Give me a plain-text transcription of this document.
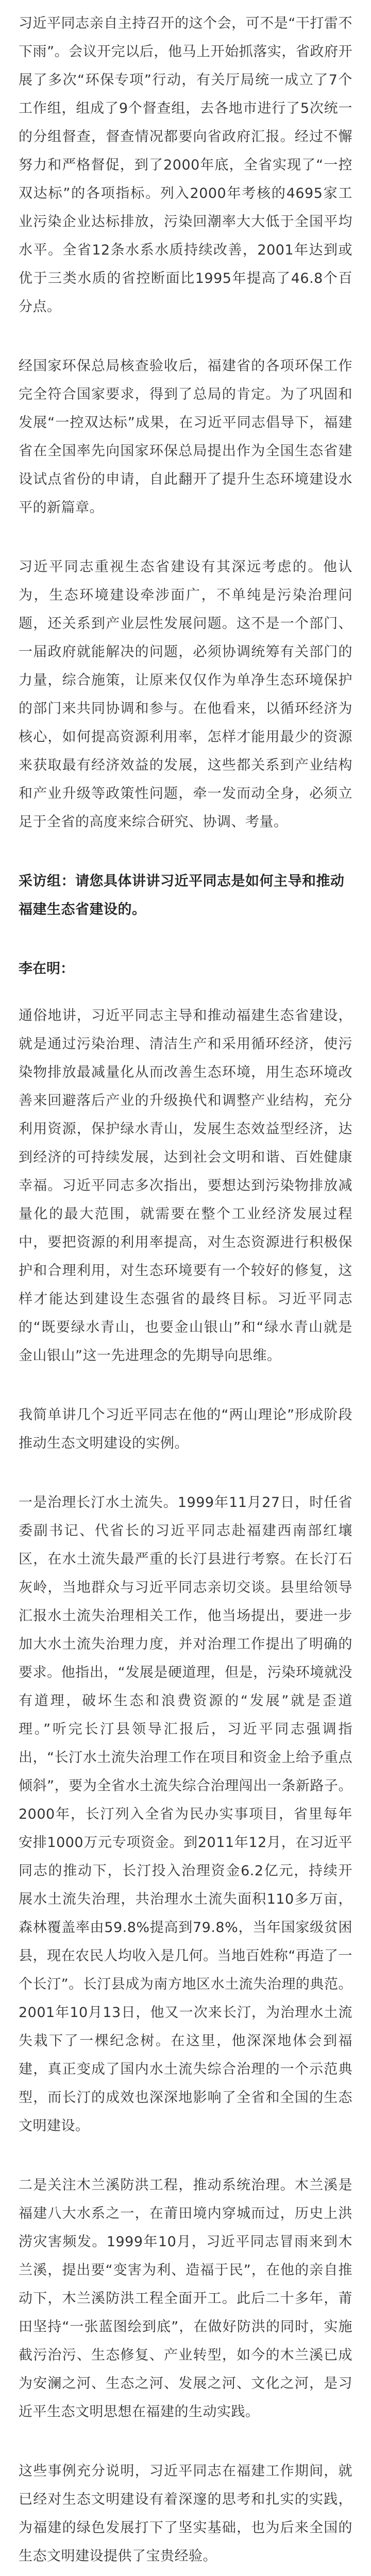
习近平同志亲自主持召开的这个会，可不是“干打雷不下雨”。会议开完以后，他马上开始抓落实，省政府开展了多次“环保专项”行动，有关厅局统一成立了7个工作组，组成了9个督查组，去各地市进行了5次统一的分组督查，督查情况都要向省政府汇报。经过不懈努力和严格督促，到了2000年底，全省实现了“一控双达标”的各项指标。列入2000年考核的4695家工业污染企业达标排放，污染回潮率大大低于全国平均水平。全省12条水系水质持续改善，2001年达到或优于三类水质的省控断面比1995年提高了46.8个百分点。

经国家环保总局核查验收后，福建省的各项环保工作完全符合国家要求，得到了总局的肯定。为了巩固和发展“一控双达标”成果，在习近平同志倡导下，福建省在全国率先向国家环保总局提出作为全国生态省建设试点省份的申请，自此翻开了提升生态环境建设水平的新篇章。

习近平同志重视生态省建设有其深远考虑的。他认为，生态环境建设牵涉面广，不单纯是污染治理问题，还关系到产业层性发展问题。这不是一个部门、一届政府就能解决的问题，必须协调统筹有关部门的力量，综合施策，让原来仅仅作为单净生态环境保护的部门来共同协调和参与。在他看来，以循环经济为核心，如何提高资源利用率，怎样才能用最少的资源来获取最有经济效益的发展，这些都关系到产业结构和产业升级等政策性问题，牵一发而动全身，必须立足于全省的高度来综合研究、协调、考量。

采访组：请您具体讲讲习近平同志是如何主导和推动福建生态省建设的。

李在明：

通俗地讲，习近平同志主导和推动福建生态省建设，就是通过污染治理、清洁生产和采用循环经济，使污染物排放最减量化从而改善生态环境，用生态环境改善来回避落后产业的升级换代和调整产业结构，充分利用资源，保护绿水青山，发展生态效益型经济，达到经济的可持续发展，达到社会文明和谐、百姓健康幸福。习近平同志多次指出，要想达到污染物排放减量化的最大范围，就需要在整个工业经济发展过程中，要把资源的利用率提高，对生态资源进行积极保护和合理利用，对生态环境要有一个较好的修复，这样才能达到建设生态强省的最终目标。习近平同志的“既要绿水青山，也要金山银山”和“绿水青山就是金山银山”这一先进理念的先期导向思维。

我简单讲几个习近平同志在他的“两山理论”形成阶段推动生态文明建设的实例。

一是治理长汀水土流失。1999年11月27日，时任省委副书记、代省长的习近平同志赴福建西南部红壤区，在水土流失最严重的长汀县进行考察。在长汀石灰岭，当地群众与习近平同志亲切交谈。县里给领导汇报水土流失治理相关工作，他当场提出，要进一步加大水土流失治理力度，并对治理工作提出了明确的要求。他指出，“发展是硬道理，但是，污染环境就没有道理，破坏生态和浪费资源的“发展”就是歪道理。”听完长汀县领导汇报后，习近平同志强调指出，“长汀水土流失治理工作在项目和资金上给予重点倾斜”，要为全省水土流失综合治理闯出一条新路子。2000年，长汀列入全省为民办实事项目，省里每年安排1000万元专项资金。到2011年12月，在习近平同志的推动下，长汀投入治理资金6.2亿元，持续开展水土流失治理，共治理水土流失面积110多万亩，森林覆盖率由59.8%提高到79.8%，当年国家级贫困县，现在农民人均收入是几何。当地百姓称“再造了一个长汀”。长汀县成为南方地区水土流失治理的典范。2001年10月13日，他又一次来长汀，为治理水土流失栽下了一棵纪念树。在这里，他深深地体会到福建，真正变成了国内水土流失综合治理的一个示范典型，而长汀的成效也深深地影响了全省和全国的生态文明建设。

二是关注木兰溪防洪工程，推动系统治理。木兰溪是福建八大水系之一，在莆田境内穿城而过，历史上洪涝灾害频发。1999年10月，习近平同志冒雨来到木兰溪，提出要“变害为利、造福于民”，在他的亲自推动下，木兰溪防洪工程全面开工。此后二十多年，莆田坚持“一张蓝图绘到底”，在做好防洪的同时，实施截污治污、生态修复、产业转型，如今的木兰溪已成为安澜之河、生态之河、发展之河、文化之河，是习近平生态文明思想在福建的生动实践。

这些事例充分说明，习近平同志在福建工作期间，就已经对生态文明建设有着深邃的思考和扎实的实践，为福建的绿色发展打下了坚实基础，也为后来全国的生态文明建设提供了宝贵经验。
